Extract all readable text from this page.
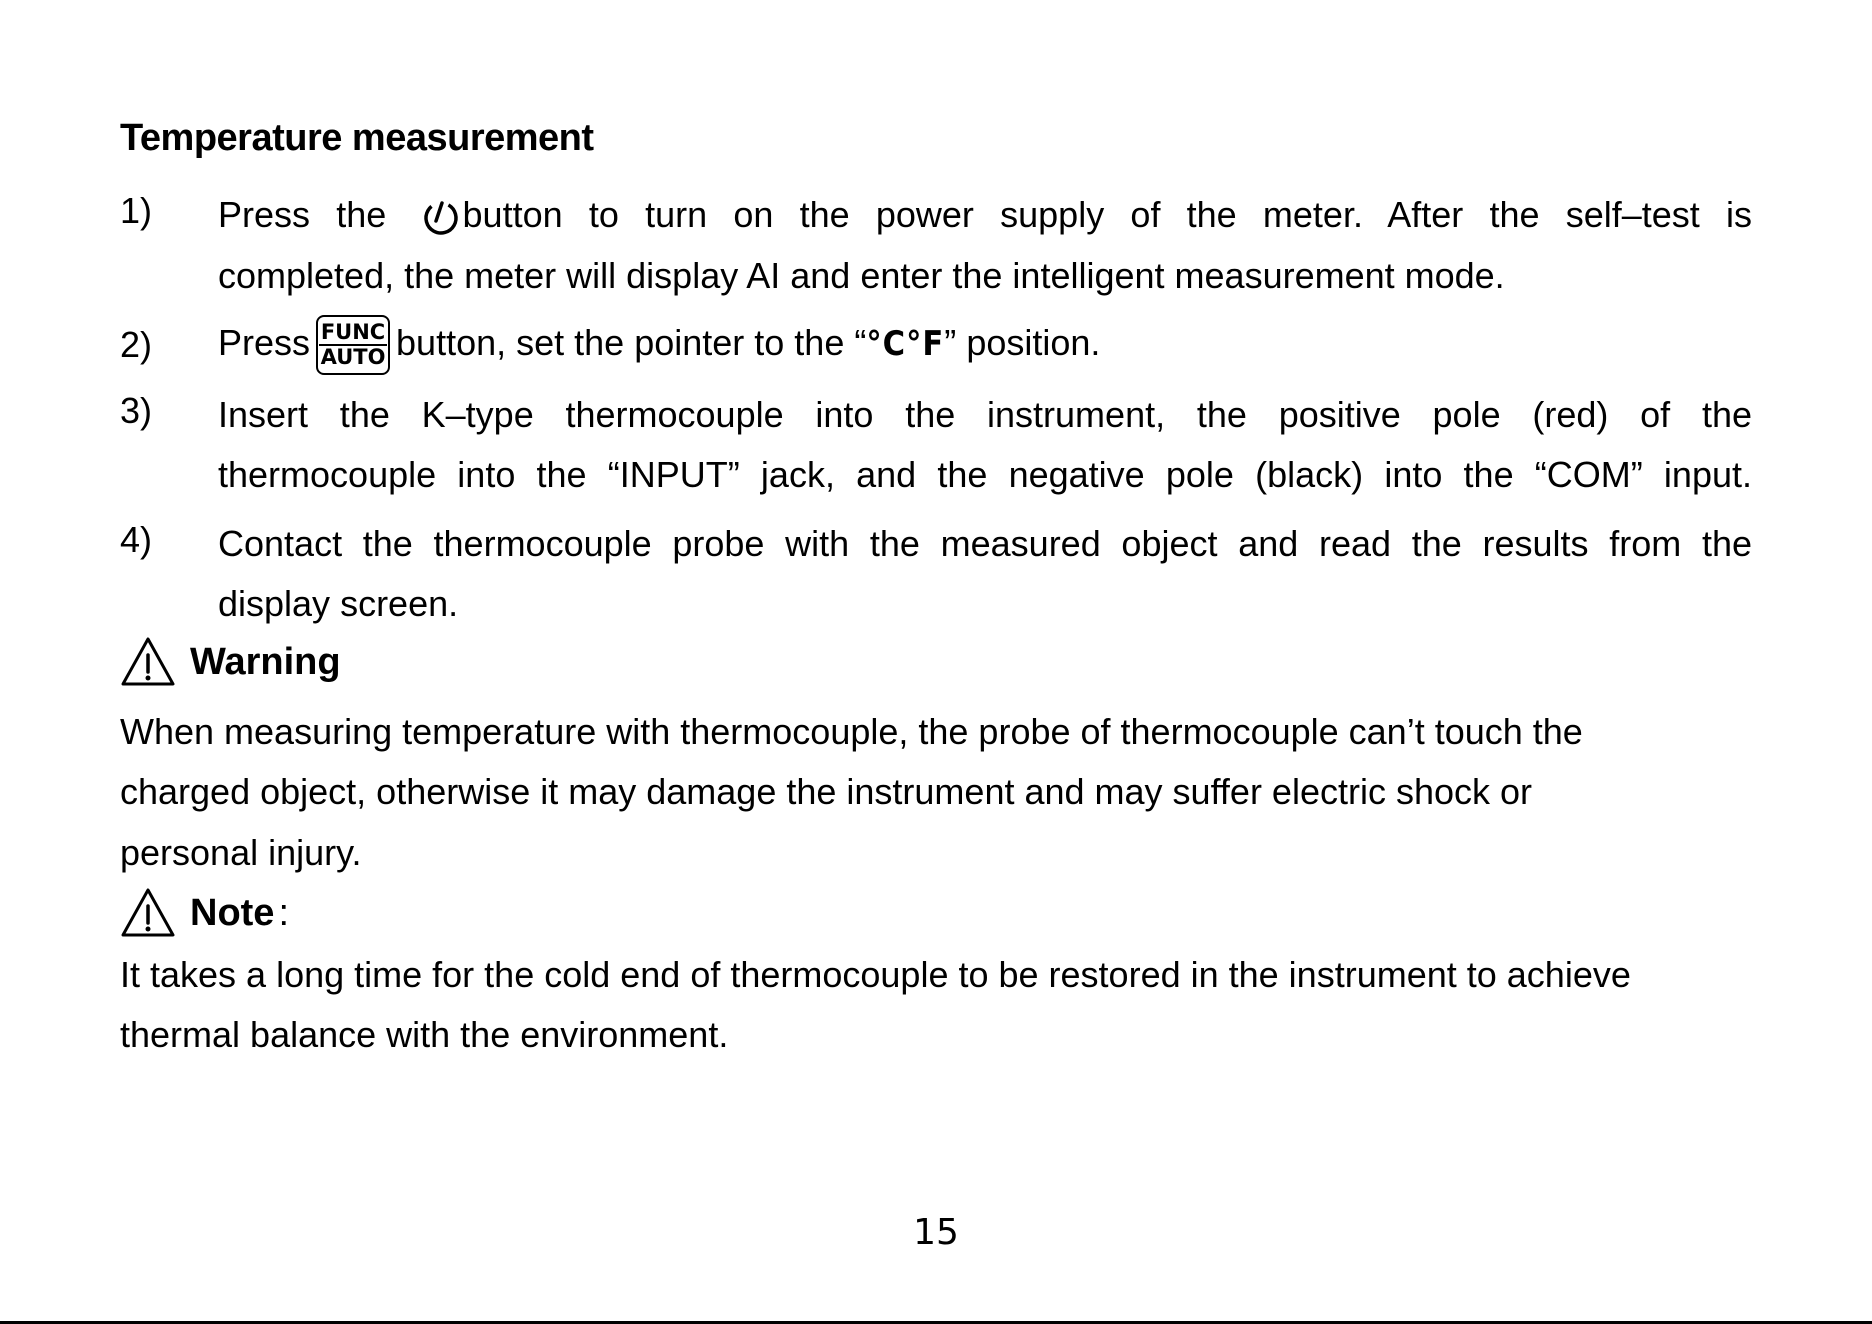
Temperature measurement
1) Press the button to turn on the power supply of the meter. After the self–test is
completed, the meter will display AI and enter the intelligent measurement mode.
2) Press FUNC
AUTO button, set the pointer to the “°C°F” position.
3) Insert the K–type thermocouple into the instrument, the positive pole (red) of the
thermocouple into the “INPUT” jack, and the negative pole (black) into the “COM” input.
4) Contact the thermocouple probe with the measured object and read the results from the
display screen.
Warning
When measuring temperature with thermocouple, the probe of thermocouple can’t touch the
charged object, otherwise it may damage the instrument and may suffer electric shock or
personal injury.
Note :
It takes a long time for the cold end of thermocouple to be restored in the instrument to achieve
thermal balance with the environment.
15
